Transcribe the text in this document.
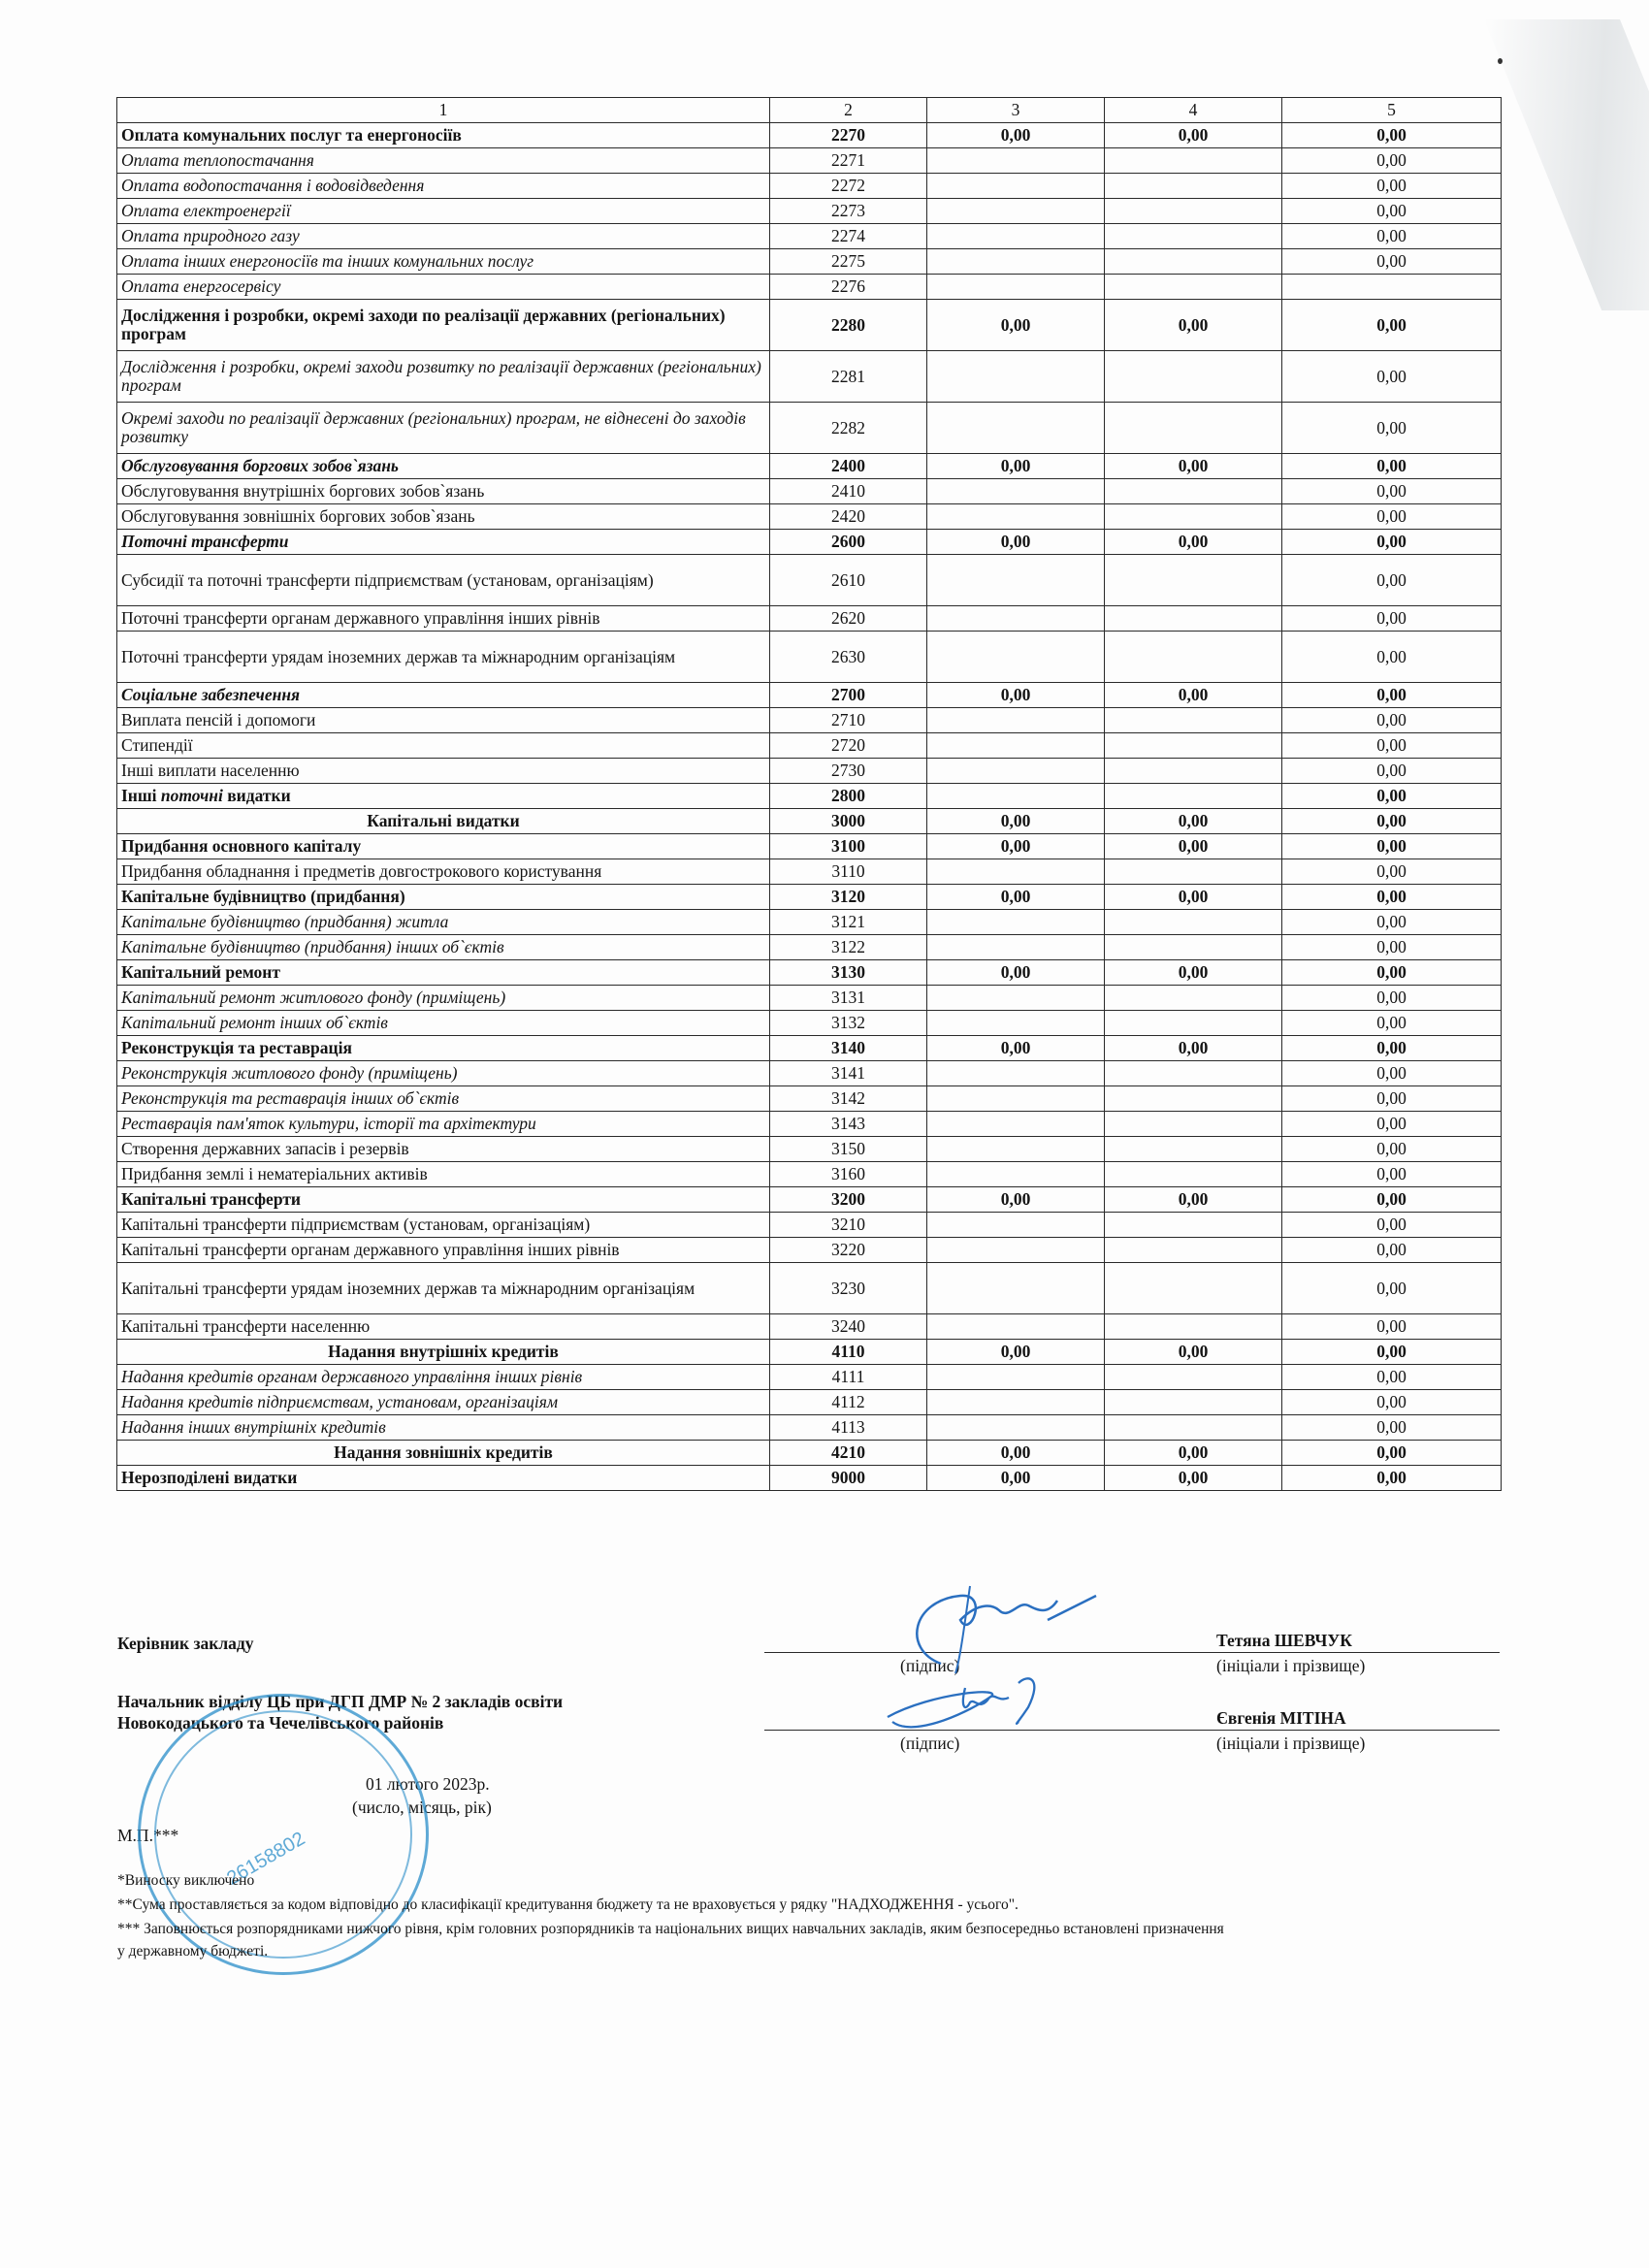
1	2	3	4	5
Оплата комунальних послуг та енергоносіїв	2270	0,00	0,00	0,00
Оплата теплопостачання	2271			0,00
Оплата водопостачання і водовідведення	2272			0,00
Оплата електроенергії	2273			0,00
Оплата природного газу	2274			0,00
Оплата інших енергоносіїв та інших комунальних послуг	2275			0,00
Оплата енергосервісу	2276			
Дослідження і розробки, окремі заходи по реалізації державних (регіональних) програм	2280	0,00	0,00	0,00
Дослідження і розробки, окремі заходи розвитку по реалізації державних (регіональних) програм	2281			0,00
Окремі заходи по реалізації державних (регіональних) програм, не віднесені до заходів розвитку	2282			0,00
Обслуговування боргових зобов`язань	2400	0,00	0,00	0,00
Обслуговування внутрішніх боргових зобов`язань	2410			0,00
Обслуговування зовнішніх боргових зобов`язань	2420			0,00
Поточні трансферти	2600	0,00	0,00	0,00
Субсидії та поточні трансферти підприємствам (установам, організаціям)	2610			0,00
Поточні трансферти органам державного управління інших рівнів	2620			0,00
Поточні трансферти урядам іноземних держав та міжнародним організаціям	2630			0,00
Соціальне забезпечення	2700	0,00	0,00	0,00
Виплата пенсій і допомоги	2710			0,00
Стипендії	2720			0,00
Інші виплати населенню	2730			0,00
Інші поточні видатки	2800			0,00
Капітальні видатки	3000	0,00	0,00	0,00
Придбання основного капіталу	3100	0,00	0,00	0,00
Придбання обладнання і предметів довгострокового користування	3110			0,00
Капітальне будівництво (придбання)	3120	0,00	0,00	0,00
Капітальне будівництво (придбання) житла	3121			0,00
Капітальне будівництво (придбання) інших об`єктів	3122			0,00
Капітальний ремонт	3130	0,00	0,00	0,00
Капітальний ремонт житлового фонду (приміщень)	3131			0,00
Капітальний ремонт інших об`єктів	3132			0,00
Реконструкція та реставрація	3140	0,00	0,00	0,00
Реконструкція житлового фонду (приміщень)	3141			0,00
Реконструкція та реставрація інших об`єктів	3142			0,00
Реставрація пам'яток культури, історії та архітектури	3143			0,00
Створення державних запасів і резервів	3150			0,00
Придбання землі і нематеріальних активів	3160			0,00
Капітальні трансферти	3200	0,00	0,00	0,00
Капітальні трансферти підприємствам (установам, організаціям)	3210			0,00
Капітальні трансферти органам державного управління інших рівнів	3220			0,00
Капітальні трансферти урядам іноземних держав та міжнародним організаціям	3230			0,00
Капітальні трансферти населенню	3240			0,00
Надання внутрішніх кредитів	4110	0,00	0,00	0,00
Надання кредитів органам державного управління інших рівнів	4111			0,00
Надання кредитів підприємствам, установам, організаціям	4112			0,00
Надання інших внутрішніх кредитів	4113			0,00
Надання зовнішніх кредитів	4210	0,00	0,00	0,00
Нерозподілені видатки	9000	0,00	0,00	0,00
Керівник закладу	Тетяна ШЕВЧУК
(підпис)	(ініціали і прізвище)
Начальник відділу ЦБ при ДГП ДМР № 2 закладів освіти
Новокодацького та Чечелівського районів	Євгенія МІТІНА
(підпис)	(ініціали і прізвище)
01 лютого 2023р.
(число, місяць, рік)
М.П.*** 26158802
*Виноску виключено
**Сума проставляється за кодом відповідно до класифікації кредитування бюджету та не враховується у рядку "НАДХОДЖЕННЯ - усього".
*** Заповнюється розпорядниками нижчого рівня, крім головних розпорядників та національних вищих навчальних закладів, яким безпосередньо встановлені призначення
у державному бюджеті.
